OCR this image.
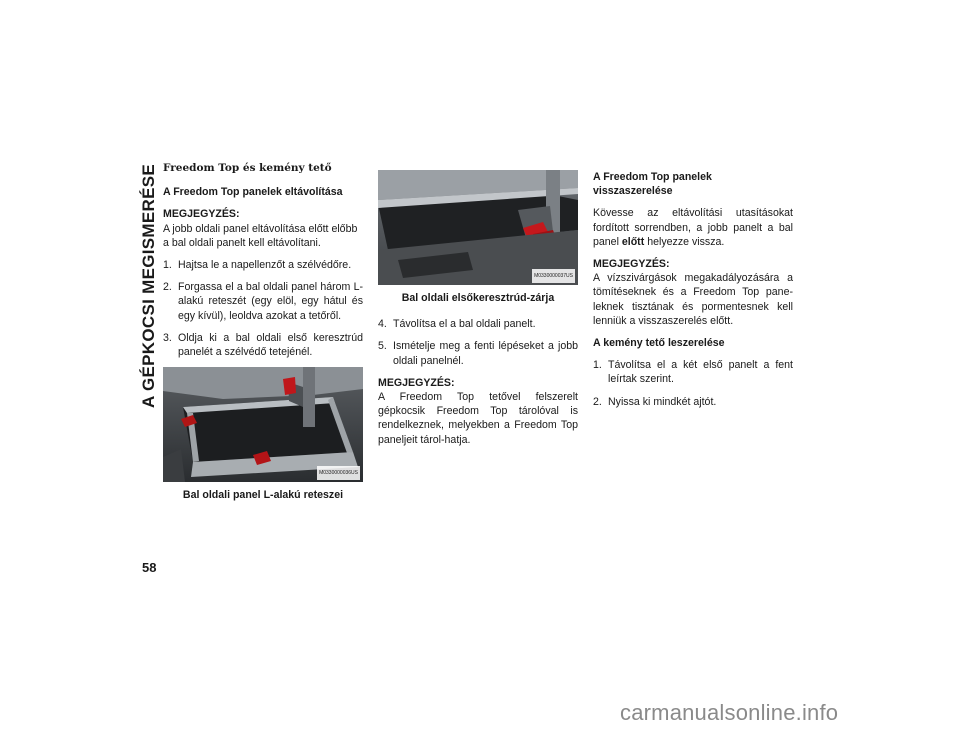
A GÉPKOCSI MEGISMERÉSE
58

Freedom Top és kemény tető

A Freedom Top panelek eltávolítása

MEGJEGYZÉS:

A jobb oldali panel eltávolítása előtt előbb a bal oldali panelt kell eltávolítani.

1. Hajtsa le a napellenzőt a szélvédőre.
2. Forgassa el a bal oldali panel három L-alakú reteszét (egy elöl, egy hátul és egy kívül), leoldva azokat a tetőről.
3. Oldja ki a bal oldali első keresztrúd panelét a szélvédő tetejénél.
M0330000036US

Bal oldali panel L-alakú reteszei

M0330000037US

Bal oldali elsőkeresztrúd-zárja

4. Távolítsa el a bal oldali panelt.
5. Ismételje meg a fenti lépéseket a jobb oldali panelnél.

MEGJEGYZÉS:

A Freedom Top tetővel felszerelt gépkocsik Freedom Top tárolóval is rendelkeznek, melyekben a Freedom Top paneljeit tárol-hatja.

A Freedom Top panelek visszaszerelése

Kövesse az eltávolítási utasításokat fordított sorrendben, a jobb panelt a bal panel előtt helyezze vissza.

MEGJEGYZÉS:

A vízszivárgások megakadályozására a tömítéseknek és a Freedom Top pane-leknek tisztának és pormentesnek kell lenniük a visszaszerelés előtt.

A kemény tető leszerelése

1. Távolítsa el a két első panelt a fent leírtak szerint.
2. Nyissa ki mindkét ajtót.
carmanualsonline.info
